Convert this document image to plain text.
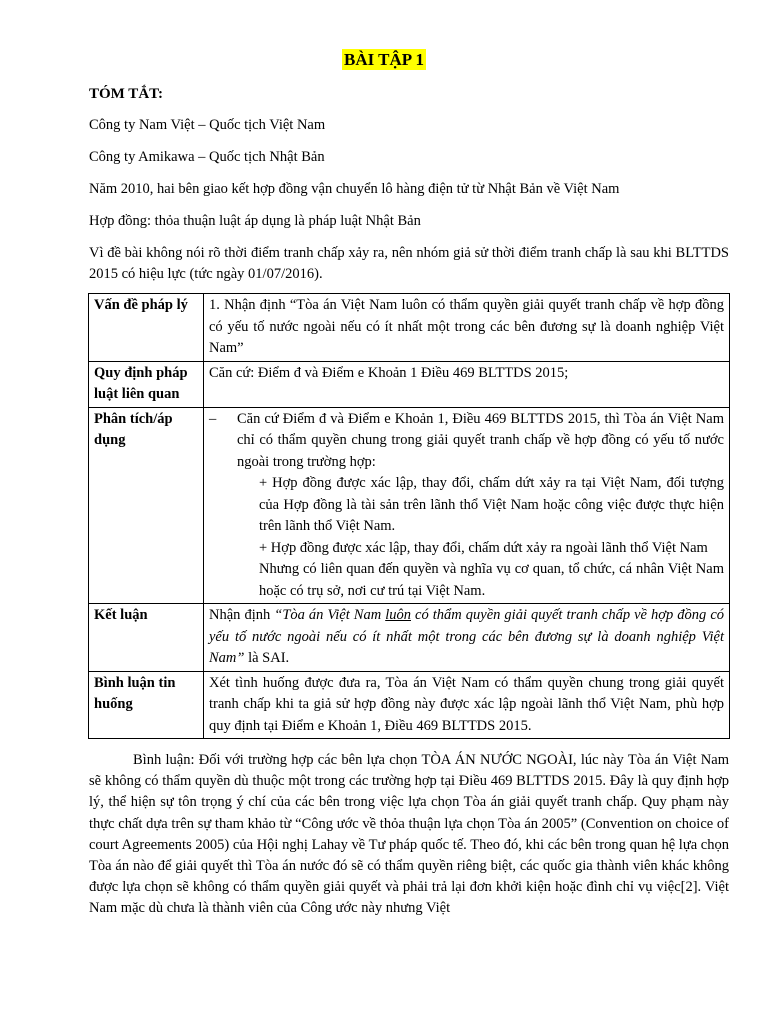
BÀI TẬP 1
TÓM TẮT:
Công ty Nam Việt – Quốc tịch Việt Nam
Công ty Amikawa – Quốc tịch Nhật Bản
Năm 2010, hai bên giao kết hợp đồng vận chuyển lô hàng điện tử từ Nhật Bản về Việt Nam
Hợp đồng: thỏa thuận luật áp dụng là pháp luật Nhật Bản
Vì đề bài không nói rõ thời điểm tranh chấp xảy ra, nên nhóm giả sử thời điểm tranh chấp là sau khi BLTTDS 2015 có hiệu lực (tức ngày 01/07/2016).
Vấn đề pháp lý	1. Nhận định “Tòa án Việt Nam luôn có thẩm quyền giải quyết tranh chấp về hợp đồng có yếu tố nước ngoài nếu có ít nhất một trong các bên đương sự là doanh nghiệp Việt Nam”
Quy định pháp luật liên quan	Căn cứ: Điểm đ và Điểm e Khoản 1 Điều 469 BLTTDS 2015;
Phân tích/áp dụng	– Căn cứ Điểm đ và Điểm e Khoản 1, Điều 469 BLTTDS 2015, thì Tòa án Việt Nam chỉ có thẩm quyền chung trong giải quyết tranh chấp về hợp đồng có yếu tố nước ngoài trong trường hợp:
+ Hợp đồng được xác lập, thay đổi, chấm dứt xảy ra tại Việt Nam, đối tượng của Hợp đồng là tài sản trên lãnh thổ Việt Nam hoặc công việc được thực hiện trên lãnh thổ Việt Nam.
+ Hợp đồng được xác lập, thay đổi, chấm dứt xảy ra ngoài lãnh thổ Việt Nam
Nhưng có liên quan đến quyền và nghĩa vụ cơ quan, tổ chức, cá nhân Việt Nam hoặc có trụ sở, nơi cư trú tại Việt Nam.

Kết luận	Nhận định “Tòa án Việt Nam luôn có thẩm quyền giải quyết tranh chấp về hợp đồng có yếu tố nước ngoài nếu có ít nhất một trong các bên đương sự là doanh nghiệp Việt Nam” là SAI.
Bình luận tin huống	Xét tình huống được đưa ra, Tòa án Việt Nam có thẩm quyền chung trong giải quyết tranh chấp khi ta giả sử hợp đồng này được xác lập ngoài lãnh thổ Việt Nam, phù hợp quy định tại Điểm e Khoản 1, Điều 469 BLTTDS 2015.
Bình luận: Đối với trường hợp các bên lựa chọn TÒA ÁN NƯỚC NGOÀI, lúc này Tòa án Việt Nam sẽ không có thẩm quyền dù thuộc một trong các trường hợp tại Điều 469 BLTTDS 2015. Đây là quy định hợp lý, thể hiện sự tôn trọng ý chí của các bên trong việc lựa chọn Tòa án giải quyết tranh chấp. Quy phạm này thực chất dựa trên sự tham khảo từ “Công ước về thỏa thuận lựa chọn Tòa án 2005” (Convention on choice of court Agreements 2005) của Hội nghị Lahay về Tư pháp quốc tế. Theo đó, khi các bên trong quan hệ lựa chọn Tòa án nào để giải quyết thì Tòa án nước đó sẽ có thẩm quyền riêng biệt, các quốc gia thành viên khác không được lựa chọn sẽ không có thẩm quyền giải quyết và phải trả lại đơn khởi kiện hoặc đình chỉ vụ việc[2]. Việt Nam mặc dù chưa là thành viên của Công ước này nhưng Việt
